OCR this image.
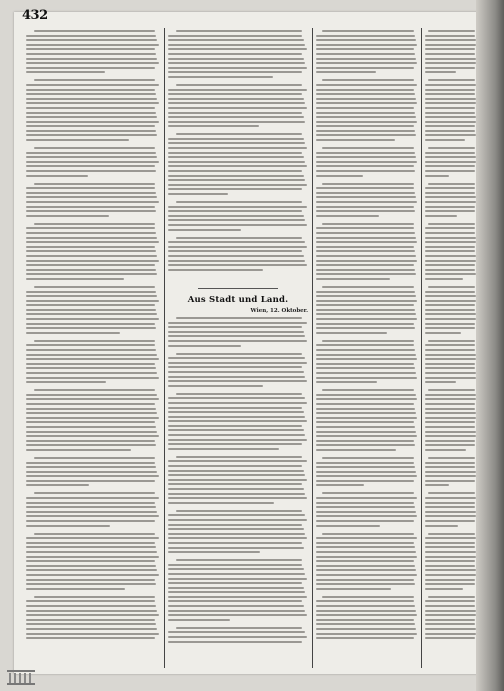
432
Aus Stadt und Land.
Wien, 12. Oktober.
